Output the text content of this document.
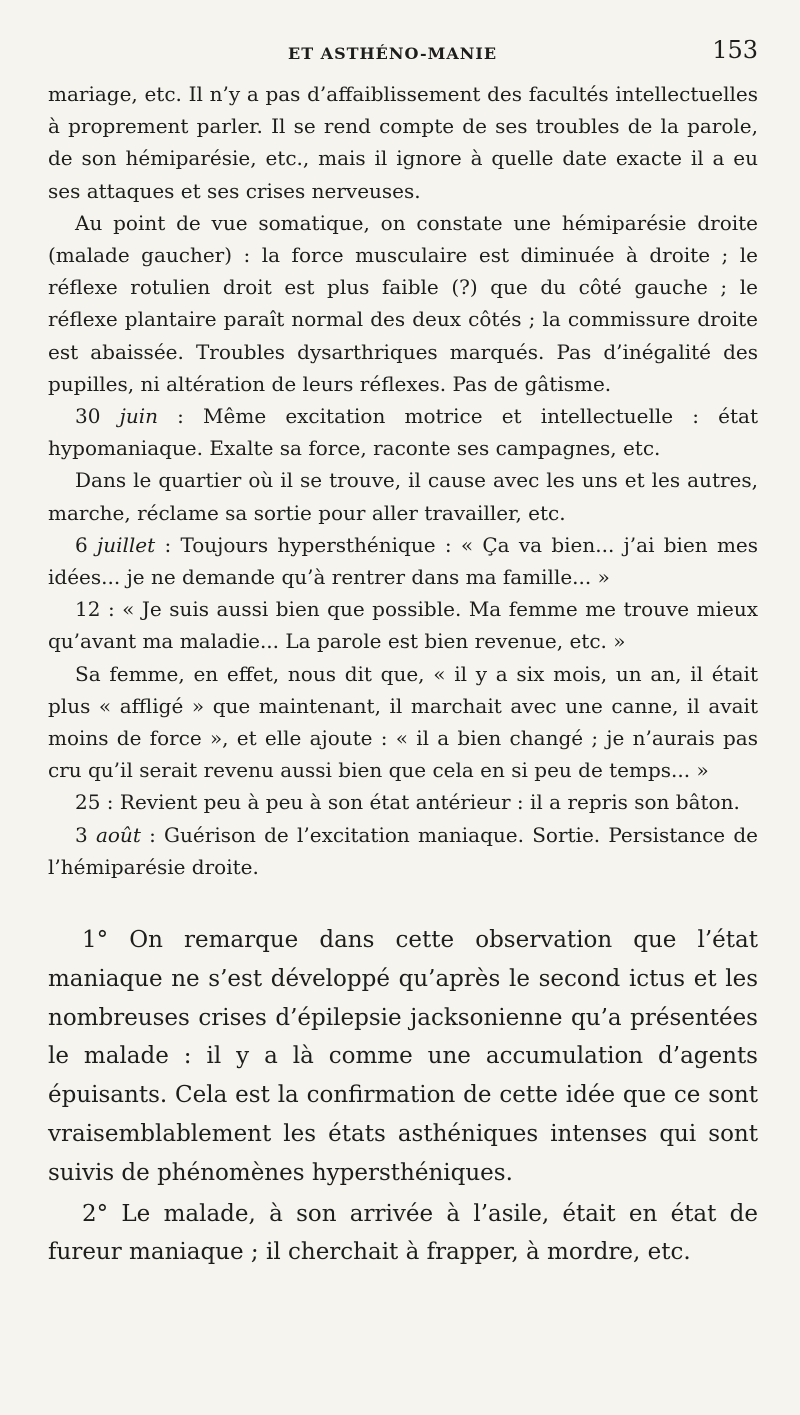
ET ASTHÉNO-MANIE	153

mariage, etc. Il n’y a pas d’affaiblissement des facultés intellectuelles à proprement parler. Il se rend compte de ses troubles de la parole, de son hémiparésie, etc., mais il ignore à quelle date exacte il a eu ses attaques et ses crises nerveuses.

Au point de vue somatique, on constate une hémiparésie droite (malade gaucher) : la force musculaire est diminuée à droite ; le réflexe rotulien droit est plus faible (?) que du côté gauche ; le réflexe plantaire paraît normal des deux côtés ; la commissure droite est abaissée. Troubles dysarthriques marqués. Pas d’inégalité des pupilles, ni altération de leurs réflexes. Pas de gâtisme.

30 juin : Même excitation motrice et intellectuelle : état hypomaniaque. Exalte sa force, raconte ses campagnes, etc.

Dans le quartier où il se trouve, il cause avec les uns et les autres, marche, réclame sa sortie pour aller travailler, etc.

6 juillet : Toujours hypersthénique : « Ça va bien... j’ai bien mes idées... je ne demande qu’à rentrer dans ma famille... »

12 : « Je suis aussi bien que possible. Ma femme me trouve mieux qu’avant ma maladie... La parole est bien revenue, etc. »

Sa femme, en effet, nous dit que, « il y a six mois, un an, il était plus « affligé » que maintenant, il marchait avec une canne, il avait moins de force », et elle ajoute : « il a bien changé ; je n’aurais pas cru qu’il serait revenu aussi bien que cela en si peu de temps... »

25 : Revient peu à peu à son état antérieur : il a repris son bâton.

3 août : Guérison de l’excitation maniaque. Sortie. Persistance de l’hémiparésie droite.

1° On remarque dans cette observation que l’état maniaque ne s’est développé qu’après le second ictus et les nombreuses crises d’épilepsie jacksonienne qu’a présentées le malade : il y a là comme une accumulation d’agents épuisants. Cela est la confirmation de cette idée que ce sont vraisemblablement les états asthéniques intenses qui sont suivis de phénomènes hypersthéniques.

2° Le malade, à son arrivée à l’asile, était en état de fureur maniaque ; il cherchait à frapper, à mordre, etc.
